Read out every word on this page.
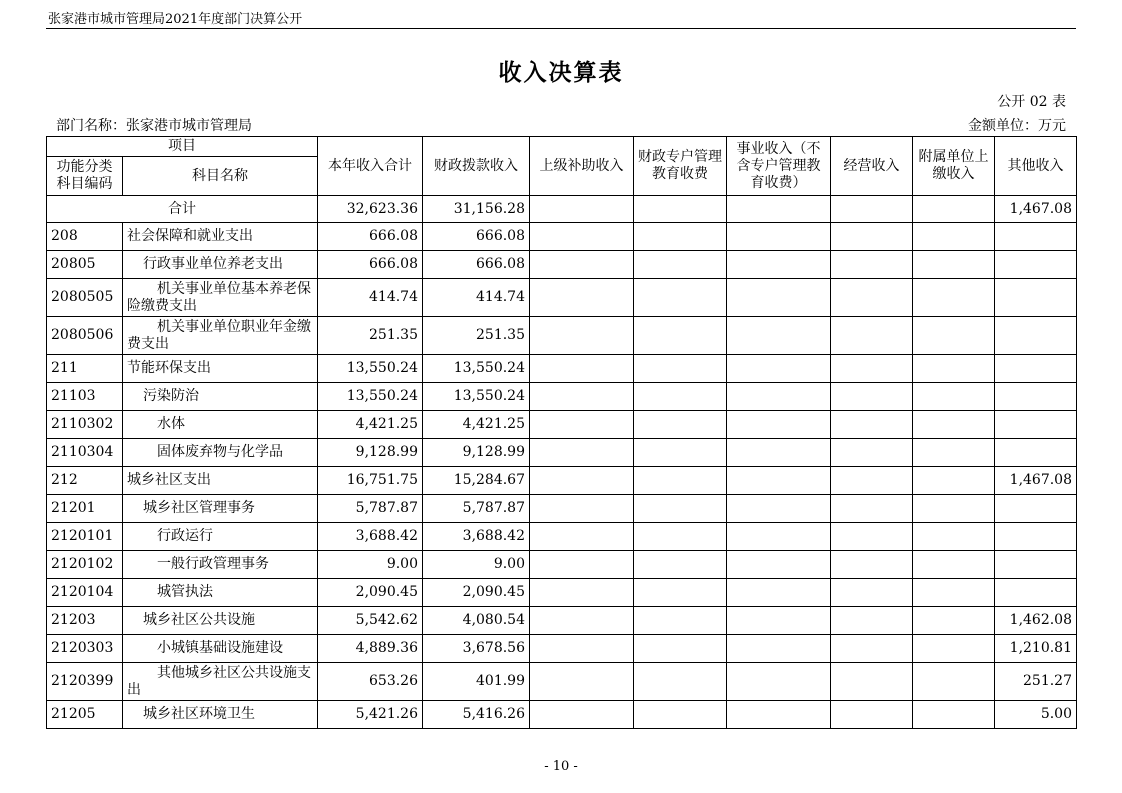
张家港市城市管理局2021年度部门决算公开
收入决算表
公开 02 表
部门名称：张家港市城市管理局	金额单位：万元
项目		本年收入合计	财政拨款收入	上级补助收入	财政专户管理教育收费	事业收入（不含专户管理教育收费）	经营收入	附属单位上缴收入	其他收入
功能分类科目编码	科目名称								
合计		32,623.36	31,156.28						1,467.08
208	社会保障和就业支出	666.08	666.08						
20805	行政事业单位养老支出	666.08	666.08						
2080505	机关事业单位基本养老保险缴费支出	414.74	414.74						
2080506	机关事业单位职业年金缴费支出	251.35	251.35						
211	节能环保支出	13,550.24	13,550.24						
21103	污染防治	13,550.24	13,550.24						
2110302	水体	4,421.25	4,421.25						
2110304	固体废弃物与化学品	9,128.99	9,128.99						
212	城乡社区支出	16,751.75	15,284.67						1,467.08
21201	城乡社区管理事务	5,787.87	5,787.87						
2120101	行政运行	3,688.42	3,688.42						
2120102	一般行政管理事务	9.00	9.00						
2120104	城管执法	2,090.45	2,090.45						
21203	城乡社区公共设施	5,542.62	4,080.54						1,462.08
2120303	小城镇基础设施建设	4,889.36	3,678.56						1,210.81
2120399	其他城乡社区公共设施支出	653.26	401.99						251.27
21205	城乡社区环境卫生	5,421.26	5,416.26						5.00
- 10 -
